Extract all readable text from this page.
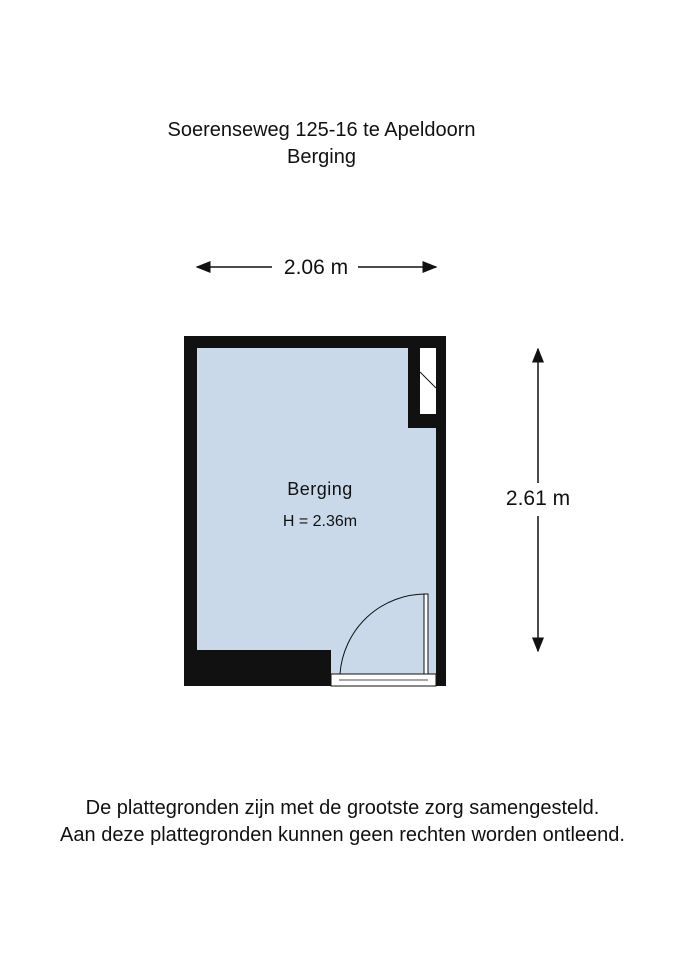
Soerenseweg 125-16 te Apeldoorn
Berging
2.06 m
2.61 m
Berging
H = 2.36m
De plattegronden zijn met de grootste zorg samengesteld.
Aan deze plattegronden kunnen geen rechten worden ontleend.
